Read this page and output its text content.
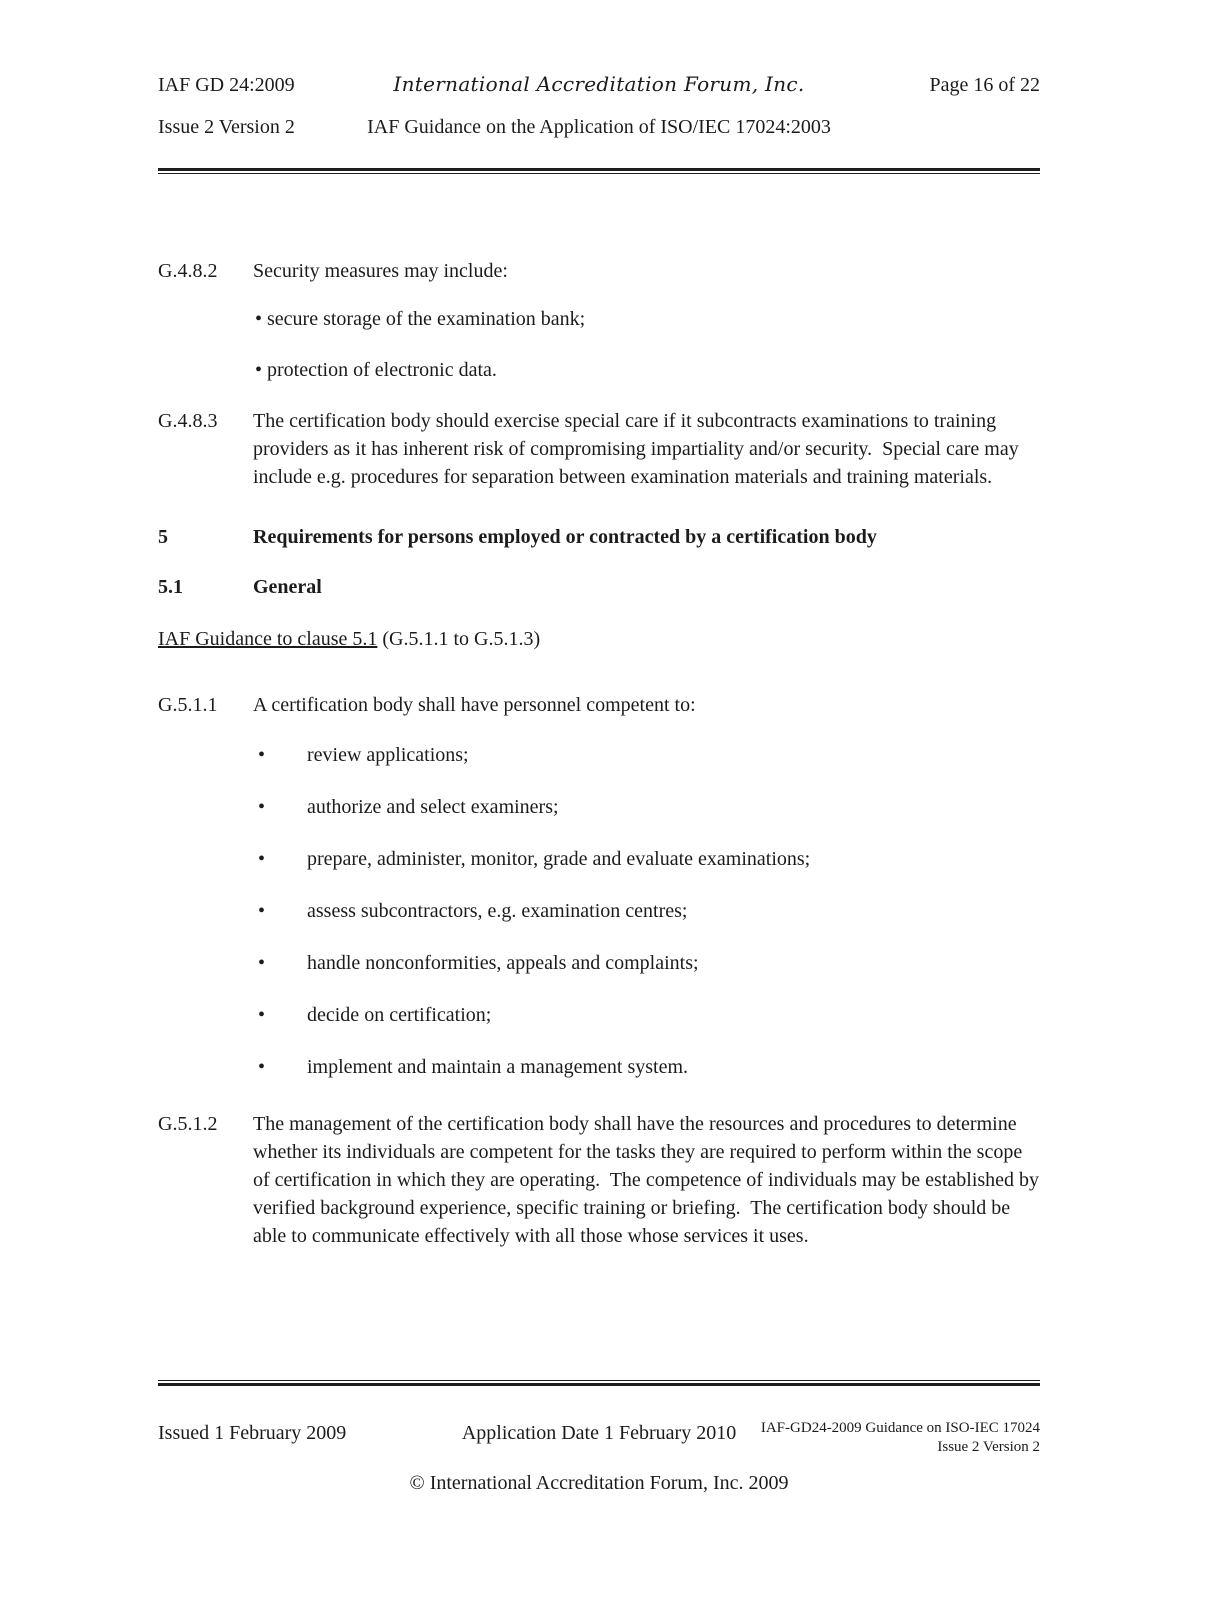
IAF GD 24:2009	International Accreditation Forum, Inc.	Page 16 of 22
Issue 2 Version 2	IAF Guidance on the Application of ISO/IEC 17024:2003
G.4.8.2	Security measures may include:
• secure storage of the examination bank;
• protection of electronic data.
G.4.8.3	The certification body should exercise special care if it subcontracts examinations to training providers as it has inherent risk of compromising impartiality and/or security.  Special care may include e.g. procedures for separation between examination materials and training materials.
5	Requirements for persons employed or contracted by a certification body
5.1	General
IAF Guidance to clause 5.1 (G.5.1.1 to G.5.1.3)
G.5.1.1	A certification body shall have personnel competent to:
•
review applications;
•
authorize and select examiners;
•
prepare, administer, monitor, grade and evaluate examinations;
•
assess subcontractors, e.g. examination centres;
•
handle nonconformities, appeals and complaints;
•
decide on certification;
•
implement and maintain a management system.
G.5.1.2	The management of the certification body shall have the resources and procedures to determine whether its individuals are competent for the tasks they are required to perform within the scope of certification in which they are operating.  The competence of individuals may be established by verified background experience, specific training or briefing.  The certification body should be able to communicate effectively with all those whose services it uses.
Issued 1 February 2009	Application Date 1 February 2010	IAF-GD24-2009 Guidance on ISO-IEC 17024
Issue 2 Version 2
© International Accreditation Forum, Inc. 2009
